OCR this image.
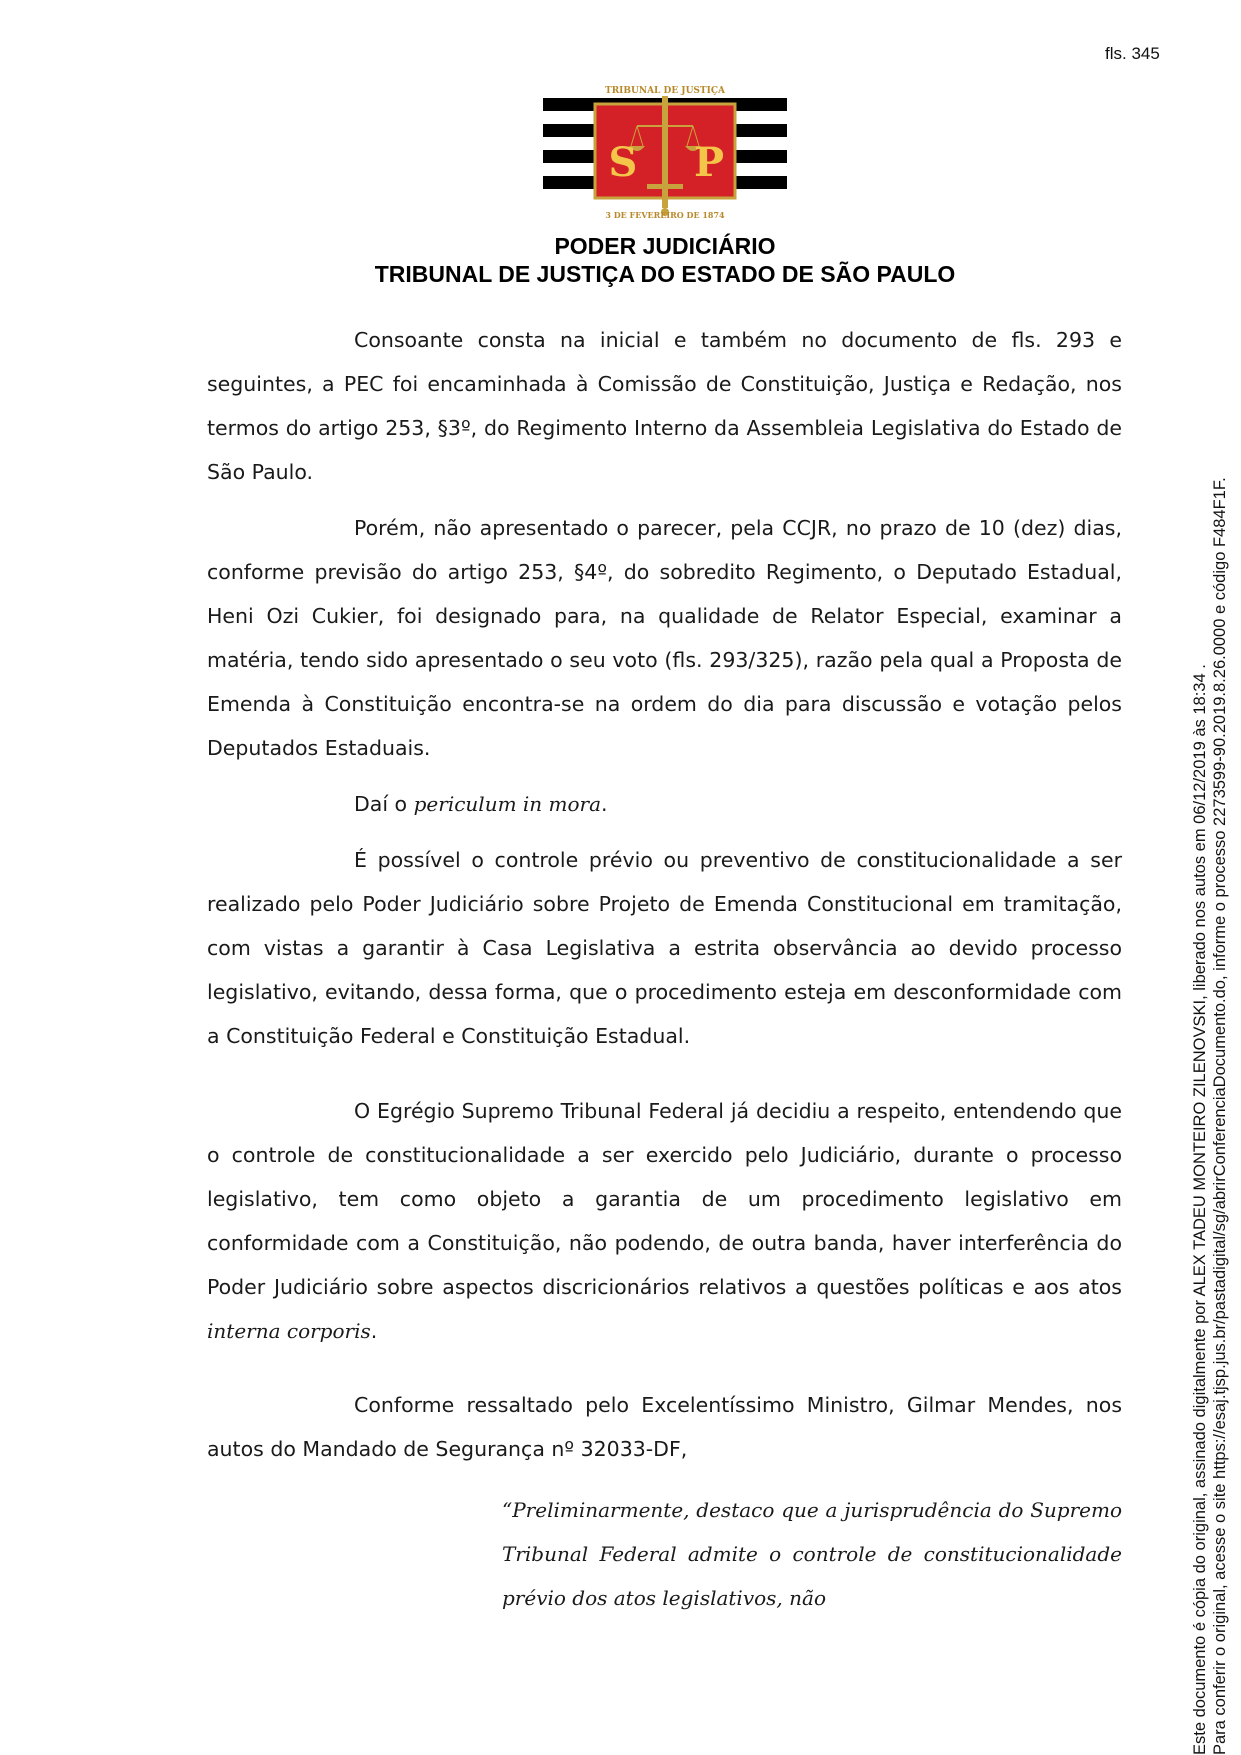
fls. 345
S P
TRIBUNAL DE JUSTIÇA
3 DE FEVEREIRO DE 1874
PODER JUDICIÁRIO
TRIBUNAL DE JUSTIÇA DO ESTADO DE SÃO PAULO

Consoante consta na inicial e também no documento de fls. 293 e seguintes, a PEC foi encaminhada à Comissão de Constituição, Justiça e Redação, nos termos do artigo 253, §3º, do Regimento Interno da Assembleia Legislativa do Estado de São Paulo.

Porém, não apresentado o parecer, pela CCJR, no prazo de 10 (dez) dias, conforme previsão do artigo 253, §4º, do sobredito Regimento, o Deputado Estadual, Heni Ozi Cukier, foi designado para, na qualidade de Relator Especial, examinar a matéria, tendo sido apresentado o seu voto (fls. 293/325), razão pela qual a Proposta de Emenda à Constituição encontra-se na ordem do dia para discussão e votação pelos Deputados Estaduais.

Daí o periculum in mora.

É possível o controle prévio ou preventivo de constitucionalidade a ser realizado pelo Poder Judiciário sobre Projeto de Emenda Constitucional em tramitação, com vistas a garantir à Casa Legislativa a estrita observância ao devido processo legislativo, evitando, dessa forma, que o procedimento esteja em desconformidade com a Constituição Federal e Constituição Estadual.

O Egrégio Supremo Tribunal Federal já decidiu a respeito, entendendo que o controle de constitucionalidade a ser exercido pelo Judiciário, durante o processo legislativo, tem como objeto a garantia de um procedimento legislativo em conformidade com a Constituição, não podendo, de outra banda, haver interferência do Poder Judiciário sobre aspectos discricionários relativos a questões políticas e aos atos interna corporis.

Conforme ressaltado pelo Excelentíssimo Ministro, Gilmar Mendes, nos autos do Mandado de Segurança nº 32033-DF,

“Preliminarmente, destaco que a jurisprudência do Supremo Tribunal Federal admite o controle de constitucionalidade prévio dos atos legislativos, não	Este documento é cópia do original, assinado digitalmente por ALEX TADEU MONTEIRO ZILENOVSKI, liberado nos autos em 06/12/2019 às 18:34 . Para conferir o original, acesse o site https://esaj.tjsp.jus.br/pastadigital/sg/abrirConferenciaDocumento.do, informe o processo 2273599-90.2019.8.26.0000 e código F484F1F.
